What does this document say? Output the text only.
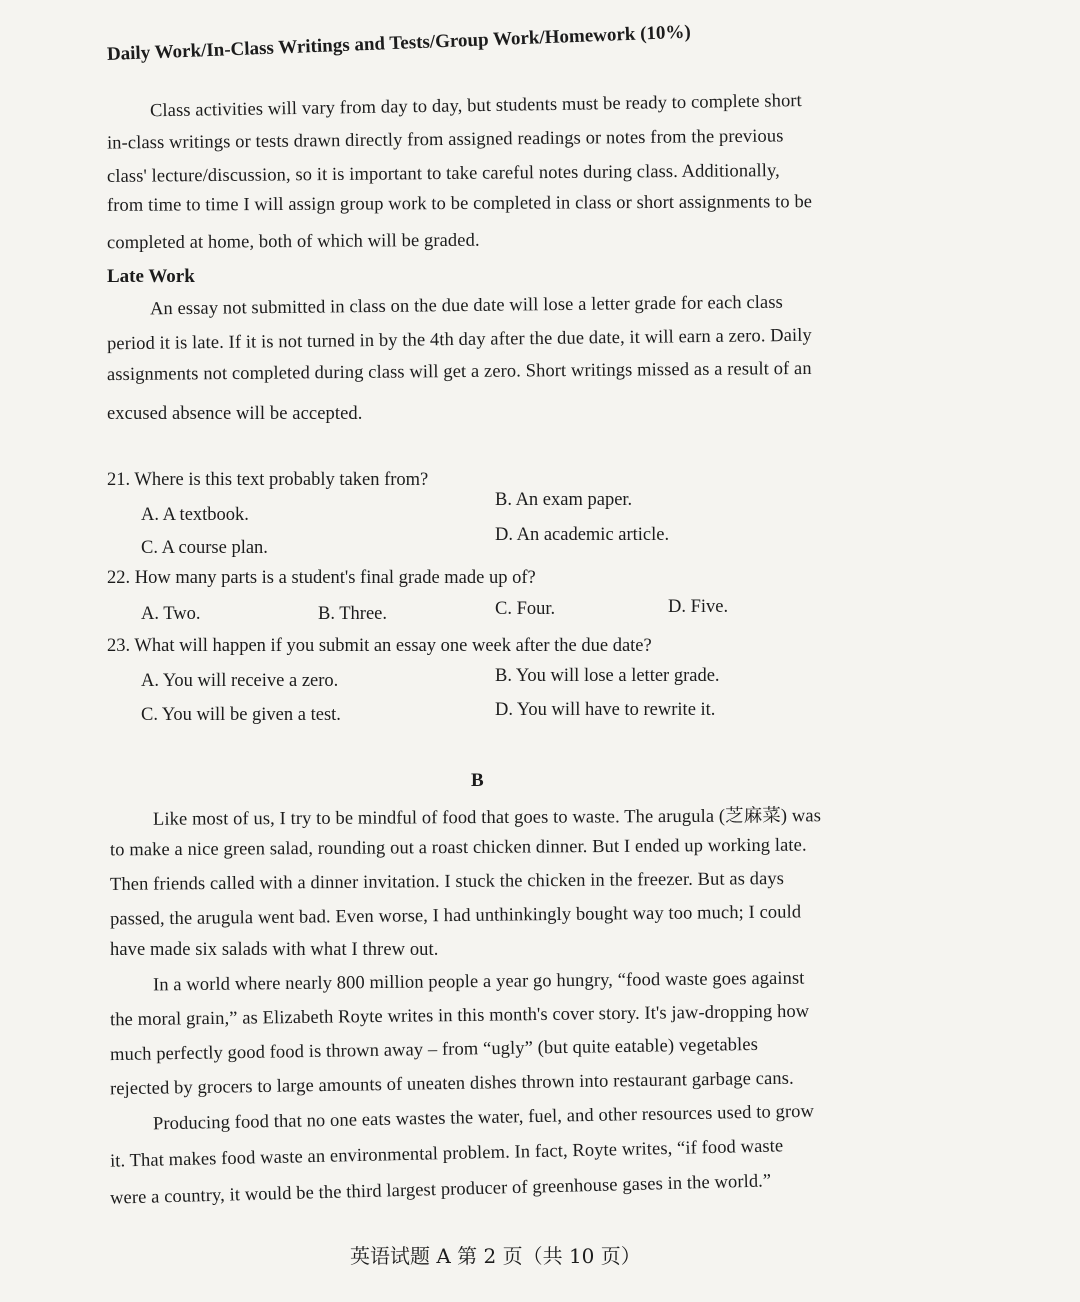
Daily Work/In-Class Writings and Tests/Group Work/Homework (10%)
Class activities will vary from day to day, but students must be ready to complete short
in-class writings or tests drawn directly from assigned readings or notes from the previous
class' lecture/discussion, so it is important to take careful notes during class. Additionally,
from time to time I will assign group work to be completed in class or short assignments to be
completed at home, both of which will be graded.
Late Work
An essay not submitted in class on the due date will lose a letter grade for each class
period it is late. If it is not turned in by the 4th day after the due date, it will earn a zero. Daily
assignments not completed during class will get a zero. Short writings missed as a result of an
excused absence will be accepted.
21. Where is this text probably taken from?
A. A textbook.
B. An exam paper.
C. A course plan.
D. An academic article.
22. How many parts is a student's final grade made up of?
A. Two.	B. Three.	C. Four.	D. Five.
23. What will happen if you submit an essay one week after the due date?
A. You will receive a zero.	B. You will lose a letter grade.
C. You will be given a test.	D. You will have to rewrite it.
B
Like most of us, I try to be mindful of food that goes to waste. The arugula (芝麻菜) was
to make a nice green salad, rounding out a roast chicken dinner. But I ended up working late.
Then friends called with a dinner invitation. I stuck the chicken in the freezer. But as days
passed, the arugula went bad. Even worse, I had unthinkingly bought way too much; I could
have made six salads with what I threw out.
In a world where nearly 800 million people a year go hungry, “food waste goes against
the moral grain,” as Elizabeth Royte writes in this month's cover story. It's jaw-dropping how
much perfectly good food is thrown away – from “ugly” (but quite eatable) vegetables
rejected by grocers to large amounts of uneaten dishes thrown into restaurant garbage cans.
Producing food that no one eats wastes the water, fuel, and other resources used to grow
it. That makes food waste an environmental problem. In fact, Royte writes, “if food waste
were a country, it would be the third largest producer of greenhouse gases in the world.”
英语试题 A 第 2 页（共 10 页）
